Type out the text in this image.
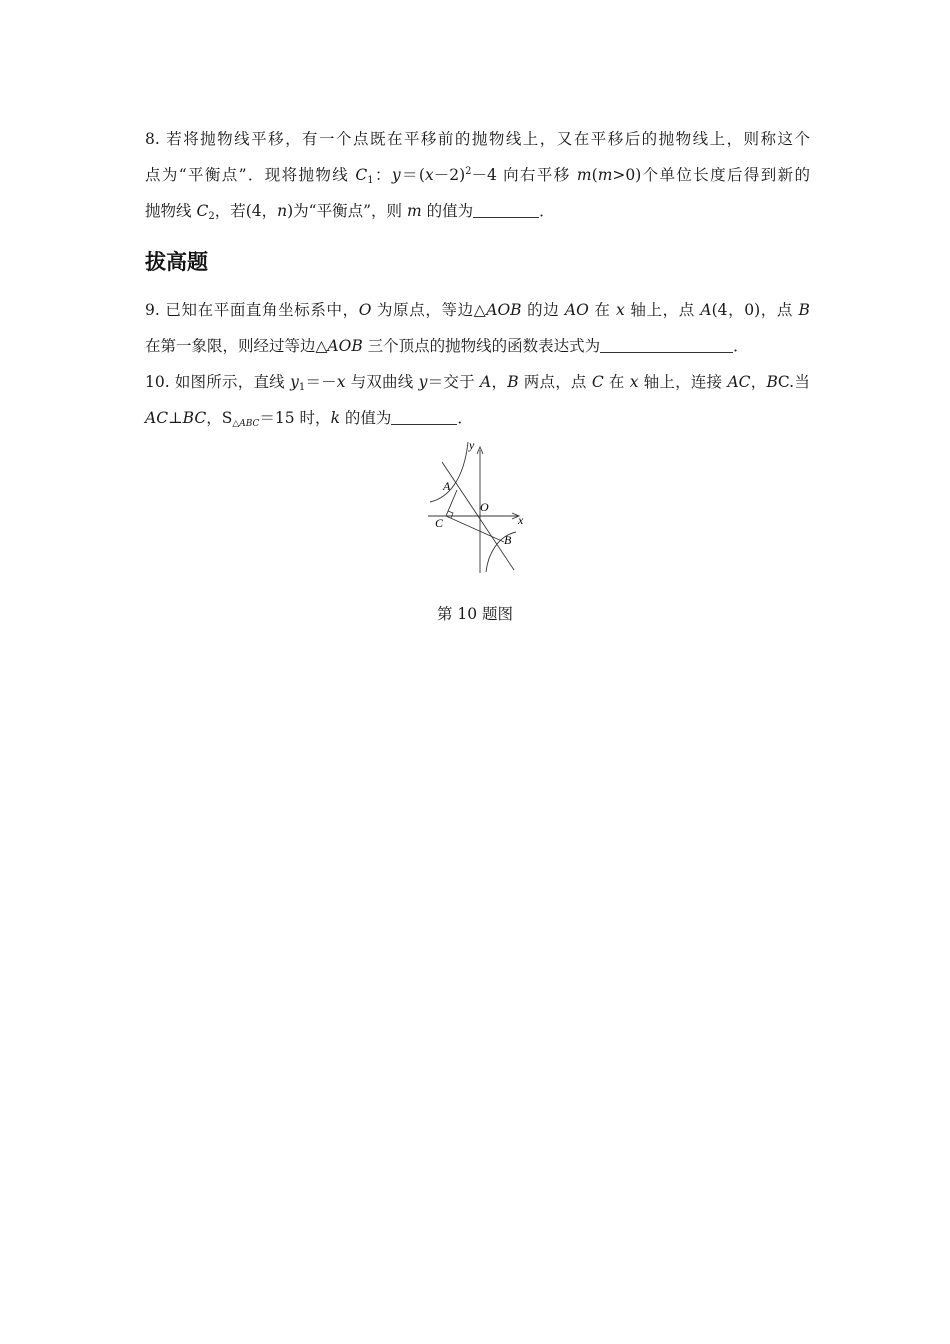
8. 若将抛物线平移，有一个点既在平移前的抛物线上，又在平移后的抛物线上，则称这个
点为“平衡点”．现将抛物线 $C_1$：$y=(x-2)^2-4$ 向右平移 m(m>0)个单位长度后得到新的
抛物线 $C_2$，若(4，n)为“平衡点”，则 m 的值为	．
拔高题
9. 已知在平面直角坐标系中，O 为原点，等边△AOB 的边 AO 在 x 轴上，点 A(4，0)，点 B
在第一象限，则经过等边△AOB 三个顶点的抛物线的函数表达式为	．
10. 如图所示，直线 $y_1=-x$ 与双曲线 y＝交于 A，B 两点，点 C 在 x 轴上，连接 AC，BC.当
AC⊥BC，$S_{\triangle ABC}=15$ 时，k 的值为	．
y
x
A
O
C
B
第 10 题图
